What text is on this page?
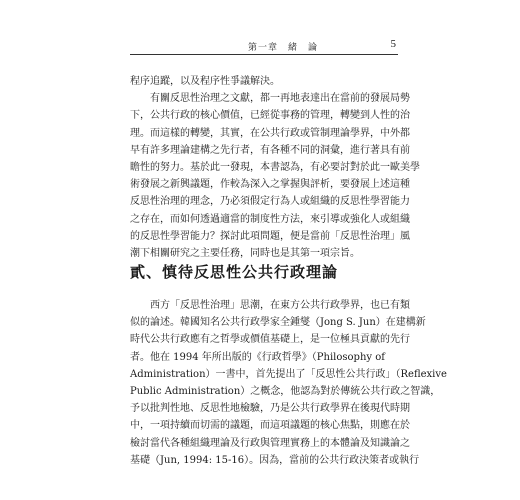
第一章　緒　論	5
程序追蹤，以及程序性爭議解決。
有關反思性治理之文獻，都一再地表達出在當前的發展局勢
下，公共行政的核心價值，已經從事務的管理，轉變到人性的治
理。而這樣的轉變，其實，在公共行政或管制理論學界，中外都
早有許多理論建構之先行者，有各種不同的洞彙，進行著具有前
瞻性的努力。基於此一發現，本書認為，有必要討對於此一歐美學
術發展之新興議題，作較為深入之掌握與評析，要發展上述這種
反思性治理的理念，乃必須假定行為人或組織的反思性學習能力
之存在，而如何透過適當的制度性方法，來引導或強化人或組織
的反思性學習能力？探討此項問題，便是當前「反思性治理」風
潮下相關研究之主要任務，同時也是其第一項宗旨。
貳、慎待反思性公共行政理論
西方「反思性治理」思潮，在東方公共行政學界，也已有類
似的論述。韓國知名公共行政學家全鍾燮（Jong S. Jun）在建構新
時代公共行政應有之哲學或價值基礎上，是一位極具貢獻的先行
者。他在 1994 年所出版的《行政哲學》（Philosophy of
Administration）一書中，首先提出了「反思性公共行政」（Reflexive
Public Administration）之概念，他認為對於傳統公共行政之智識，
予以批判性地、反思性地檢驗，乃是公共行政學界在後現代時期
中，一項持續而切需的議題，而這項議題的核心焦點，則應在於
檢討當代各種組織理論及行政與管理實務上的本體論及知識論之
基礎（Jun, 1994: 15-16）。因為，當前的公共行政決策者或執行
